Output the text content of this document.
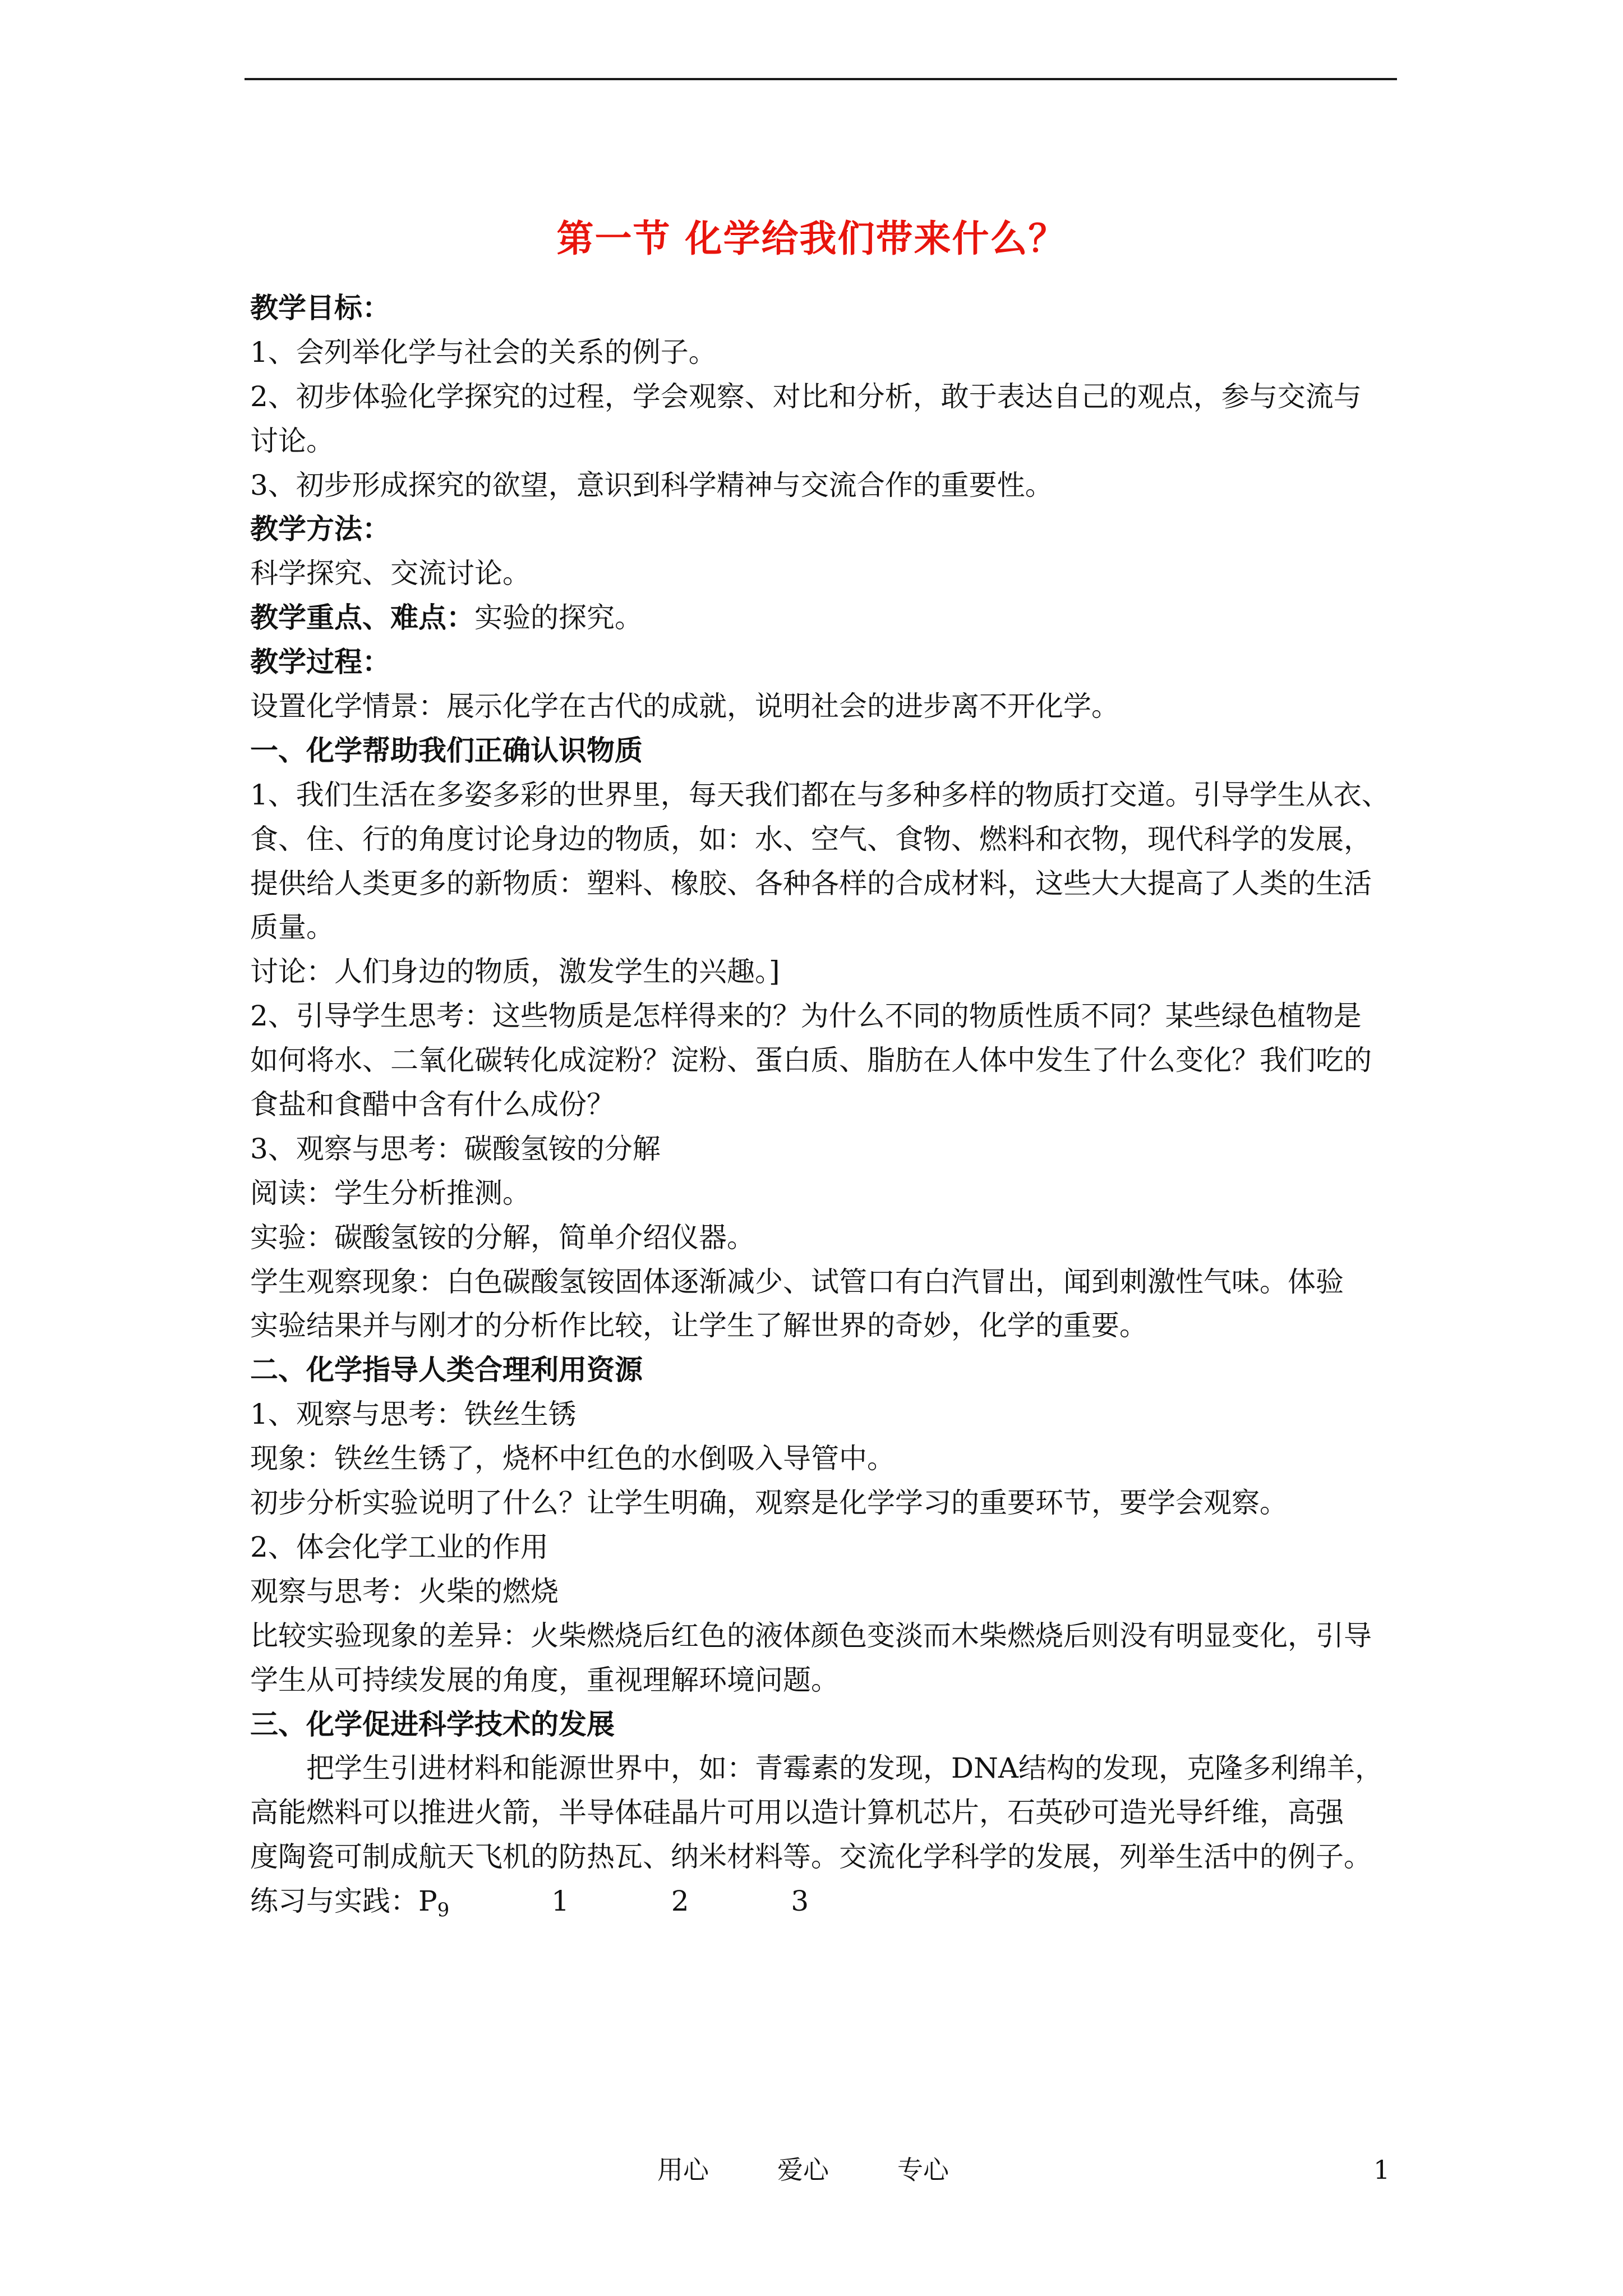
第一节 化学给我们带来什么？
教学目标：
1、会列举化学与社会的关系的例子。
2、初步体验化学探究的过程，学会观察、对比和分析，敢于表达自己的观点，参与交流与
讨论。
3、初步形成探究的欲望，意识到科学精神与交流合作的重要性。
教学方法：
科学探究、交流讨论。
教学重点、难点：实验的探究。
教学过程：
设置化学情景：展示化学在古代的成就，说明社会的进步离不开化学。
一、化学帮助我们正确认识物质
1、我们生活在多姿多彩的世界里，每天我们都在与多种多样的物质打交道。引导学生从衣、
食、住、行的角度讨论身边的物质，如：水、空气、食物、燃料和衣物，现代科学的发展，
提供给人类更多的新物质：塑料、橡胶、各种各样的合成材料，这些大大提高了人类的生活
质量。
讨论：人们身边的物质，激发学生的兴趣。]
2、引导学生思考：这些物质是怎样得来的？为什么不同的物质性质不同？某些绿色植物是
如何将水、二氧化碳转化成淀粉？淀粉、蛋白质、脂肪在人体中发生了什么变化？我们吃的
食盐和食醋中含有什么成份？
3、观察与思考：碳酸氢铵的分解
阅读：学生分析推测。
实验：碳酸氢铵的分解，简单介绍仪器。
学生观察现象：白色碳酸氢铵固体逐渐减少、试管口有白汽冒出，闻到刺激性气味。体验
实验结果并与刚才的分析作比较，让学生了解世界的奇妙，化学的重要。
二、化学指导人类合理利用资源
1、观察与思考：铁丝生锈
现象：铁丝生锈了，烧杯中红色的水倒吸入导管中。
初步分析实验说明了什么？让学生明确，观察是化学学习的重要环节，要学会观察。
2、体会化学工业的作用
观察与思考：火柴的燃烧
比较实验现象的差异：火柴燃烧后红色的液体颜色变淡而木柴燃烧后则没有明显变化，引导
学生从可持续发展的角度，重视理解环境问题。
三、化学促进科学技术的发展
把学生引进材料和能源世界中，如：青霉素的发现，DNA结构的发现，克隆多利绵羊，
高能燃料可以推进火箭，半导体硅晶片可用以造计算机芯片，石英砂可造光导纤维，高强
度陶瓷可制成航天飞机的防热瓦、纳米材料等。交流化学科学的发展，列举生活中的例子。
练习与实践：$P_9$	1	2	3
用心	爱心	专心	1
